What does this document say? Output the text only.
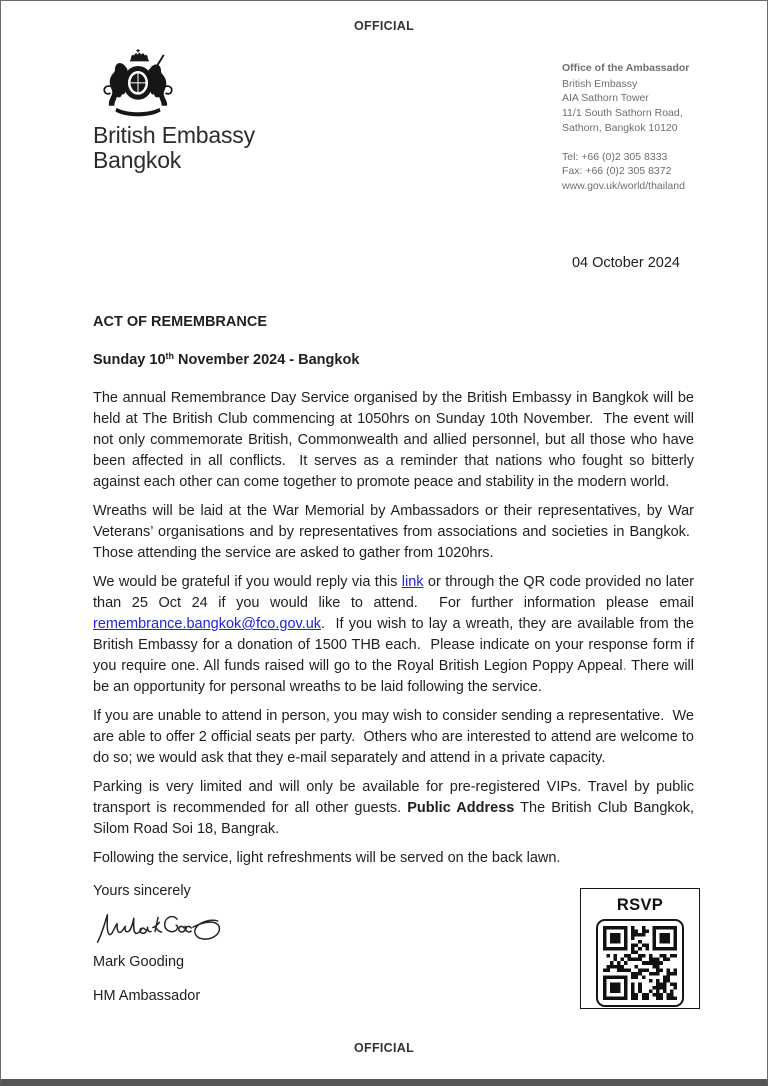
OFFICIAL
British Embassy
Bangkok
Office of the Ambassador
British Embassy
AIA Sathorn Tower
11/1 South Sathorn Road,
Sathorn, Bangkok 10120
Tel: +66 (0)2 305 8333
Fax: +66 (0)2 305 8372
www.gov.uk/world/thailand
04 October 2024
ACT OF REMEMBRANCE
Sunday 10th November 2024 - Bangkok

The annual Remembrance Day Service organised by the British Embassy in Bangkok will be held at The British Club commencing at 1050hrs on Sunday 10th November.  The event will not only commemorate British, Commonwealth and allied personnel, but all those who have been affected in all conflicts.  It serves as a reminder that nations who fought so bitterly against each other can come together to promote peace and stability in the modern world.

Wreaths will be laid at the War Memorial by Ambassadors or their representatives, by War Veterans’ organisations and by representatives from associations and societies in Bangkok.  Those attending the service are asked to gather from 1020hrs.

We would be grateful if you would reply via this link or through the QR code provided no later than 25 Oct 24 if you would like to attend.  For further information please email remembrance.bangkok@fco.gov.uk.  If you wish to lay a wreath, they are available from the British Embassy for a donation of 1500 THB each.  Please indicate on your response form if you require one. All funds raised will go to the Royal British Legion Poppy Appeal. There will be an opportunity for personal wreaths to be laid following the service.

If you are unable to attend in person, you may wish to consider sending a representative.  We are able to offer 2 official seats per party.  Others who are interested to attend are welcome to do so; we would ask that they e-mail separately and attend in a private capacity.

Parking is very limited and will only be available for pre-registered VIPs. Travel by public transport is recommended for all other guests. Public Address The British Club Bangkok, Silom Road Soi 18, Bangrak.

Following the service, light refreshments will be served on the back lawn.

Yours sincerely
Mark Gooding
HM Ambassador
RSVP
OFFICIAL
